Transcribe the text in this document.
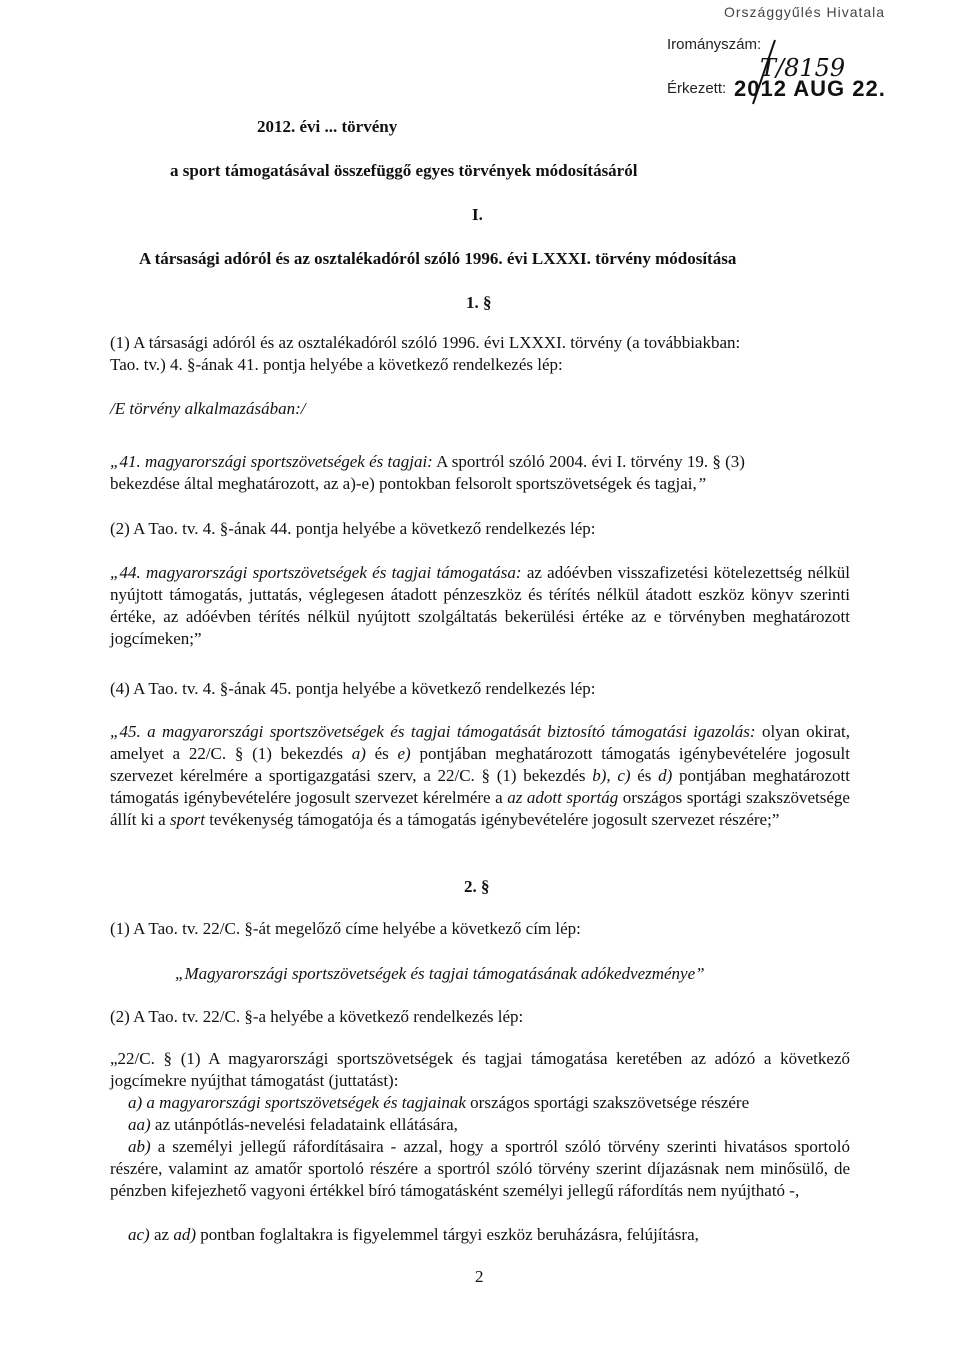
Országgyűlés Hivatala
Irományszám:
T/8159
Érkezett: 2012 AUG 22.
2012. évi ... törvény
a sport támogatásával összefüggő egyes törvények módosításáról
I.
A társasági adóról és az osztalékadóról szóló 1996. évi LXXXI. törvény módosítása
1. §
(1) A társasági adóról és az osztalékadóról szóló 1996. évi LXXXI. törvény (a továbbiakban:
Tao. tv.) 4. §-ának 41. pontja helyébe a következő rendelkezés lép:
/E törvény alkalmazásában:/
„41. magyarországi sportszövetségek és tagjai: A sportról szóló 2004. évi I. törvény 19. § (3)
bekezdése által meghatározott, az a)-e) pontokban felsorolt sportszövetségek és tagjai,”
(2) A Tao. tv. 4. §-ának 44. pontja helyébe a következő rendelkezés lép:
„44. magyarországi sportszövetségek és tagjai támogatása: az adóévben visszafizetési kötelezettség nélkül nyújtott támogatás, juttatás, véglegesen átadott pénzeszköz és térítés nélkül átadott eszköz könyv szerinti értéke, az adóévben térítés nélkül nyújtott szolgáltatás bekerülési értéke az e törvényben meghatározott jogcímeken;”
(4) A Tao. tv. 4. §-ának 45. pontja helyébe a következő rendelkezés lép:
„45. a magyarországi sportszövetségek és tagjai támogatását biztosító támogatási igazolás: olyan okirat, amelyet a 22/C. § (1) bekezdés a) és e) pontjában meghatározott támogatás igénybevételére jogosult szervezet kérelmére a sportigazgatási szerv, a 22/C. § (1) bekezdés b), c) és d) pontjában meghatározott támogatás igénybevételére jogosult szervezet kérelmére a az adott sportág országos sportági szakszövetsége állít ki a sport tevékenység támogatója és a támogatás igénybevételére jogosult szervezet részére;”
2. §
(1) A Tao. tv. 22/C. §-át megelőző címe helyébe a következő cím lép:
„Magyarországi sportszövetségek és tagjai támogatásának adókedvezménye”
(2) A Tao. tv. 22/C. §-a helyébe a következő rendelkezés lép:
„22/C. § (1) A magyarországi sportszövetségek és tagjai támogatása keretében az adózó a következő jogcímekre nyújthat támogatást (juttatást):
a) a magyarországi sportszövetségek és tagjainak országos sportági szakszövetsége részére
aa) az utánpótlás-nevelési feladataink ellátására,
ab) a személyi jellegű ráfordításaira - azzal, hogy a sportról szóló törvény szerinti hivatásos sportoló részére, valamint az amatőr sportoló részére a sportról szóló törvény szerint díjazásnak nem minősülő, de pénzben kifejezhető vagyoni értékkel bíró támogatásként személyi jellegű ráfordítás nem nyújtható -,
ac) az ad) pontban foglaltakra is figyelemmel tárgyi eszköz beruházásra, felújításra,
2
